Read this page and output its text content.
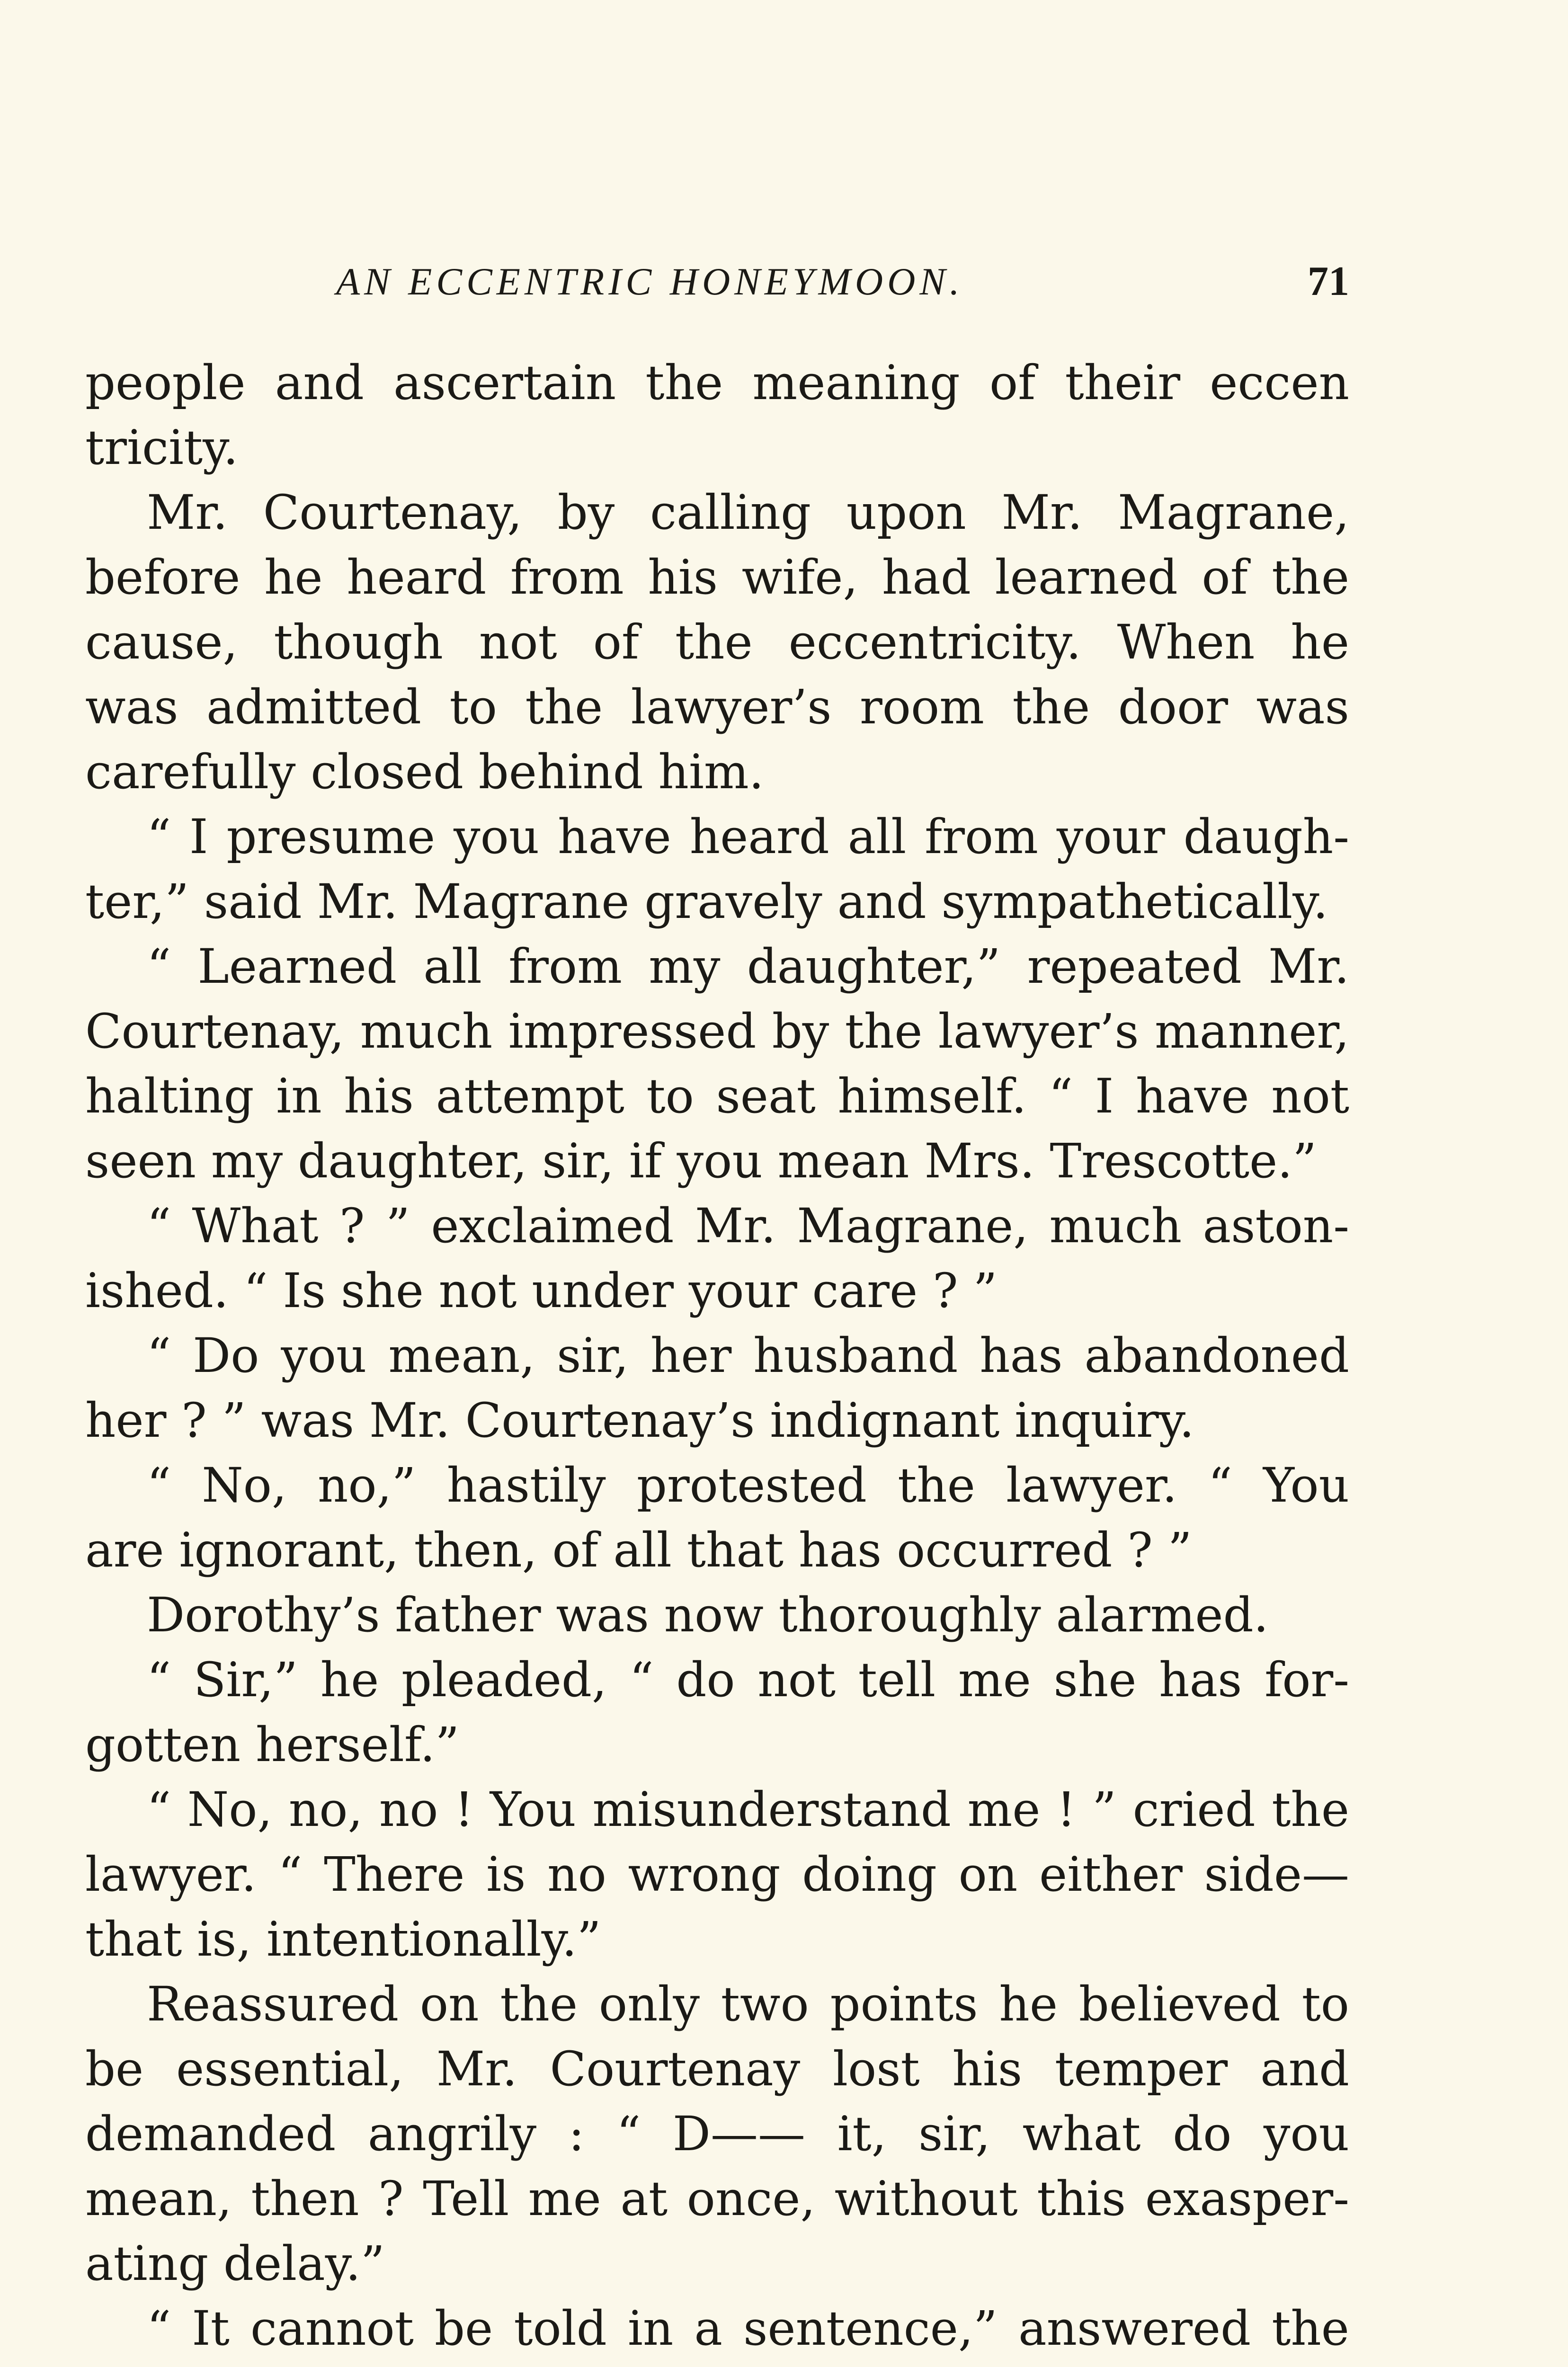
AN ECCENTRIC HONEYMOON.	71
people and ascertain the meaning of their eccen
tricity.
Mr. Courtenay, by calling upon Mr. Magrane,
before he heard from his wife, had learned of the
cause, though not of the eccentricity. When he
was admitted to the lawyer’s room the door was
carefully closed behind him.
“ I presume you have heard all from your daugh-
ter,” said Mr. Magrane gravely and sympathetically.
“ Learned all from my daughter,” repeated Mr.
Courtenay, much impressed by the lawyer’s manner,
halting in his attempt to seat himself. “ I have not
seen my daughter, sir, if you mean Mrs. Trescotte.”
“ What ? ” exclaimed Mr. Magrane, much aston-
ished. “ Is she not under your care ? ”
“ Do you mean, sir, her husband has abandoned
her ? ” was Mr. Courtenay’s indignant inquiry.
“ No, no,” hastily protested the lawyer. “ You
are ignorant, then, of all that has occurred ? ”
Dorothy’s father was now thoroughly alarmed.
“ Sir,” he pleaded, “ do not tell me she has for-
gotten herself.”
“ No, no, no ! You misunderstand me ! ” cried the
lawyer. “ There is no wrong doing on either side—
that is, intentionally.”
Reassured on the only two points he believed to
be essential, Mr. Courtenay lost his temper and
demanded angrily : “ D—— it, sir, what do you
mean, then ? Tell me at once, without this exasper-
ating delay.”
“ It cannot be told in a sentence,” answered the
